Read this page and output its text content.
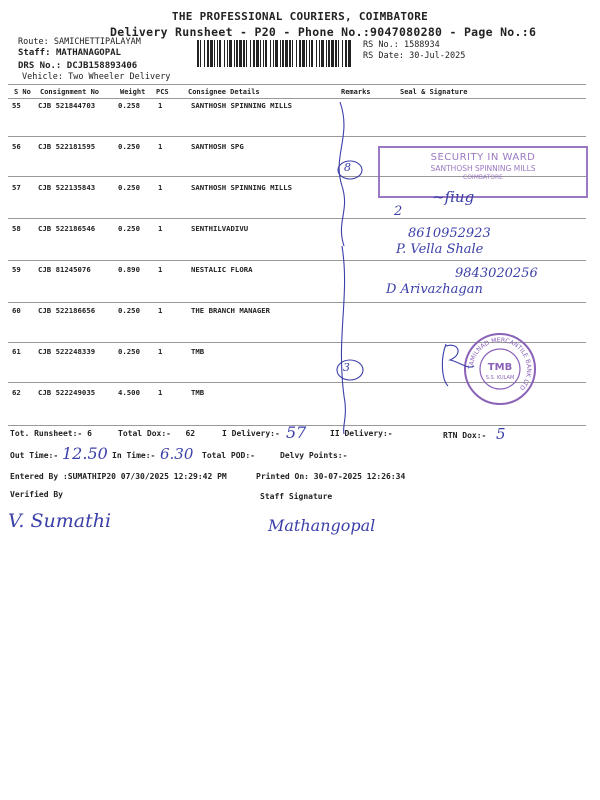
THE PROFESSIONAL COURIERS, COIMBATORE
Delivery Runsheet - P20 - Phone No.:9047080280 - Page No.:6
Route: SAMICHETTIPALAYAM
Staff: MATHANAGOPAL
DRS No.: DCJB158893406
Vehicle: Two Wheeler Delivery
RS No.: 1588934
RS Date: 30-Jul-2025
S No Consignment No	Weight PCS	Consignee Details	Remarks	Seal & Signature
55 CJB 521844703	0.258 1	SANTHOSH SPINNING MILLS
56 CJB 522181595	0.250 1	SANTHOSH SPG
57 CJB 522135843	0.250 1	SANTHOSH SPINNING MILLS
58 CJB 522186546	0.250 1	SENTHILVADIVU
59 CJB 81245076	0.890 1	NESTALIC FLORA
60 CJB 522186656	0.250 1	THE BRANCH MANAGER
61 CJB 522248339	0.250 1	TMB
62 CJB 522249035	4.500 1	TMB
8
3
SECURITY IN WARD
SANTHOSH SPINNING MILLS
COIMBATORE
~ſiug
2
8610952923
P. Vella Shale
9843020256
D Arivazhagan
TAMILNAD MERCANTILE BANK LTD
TMB
S.S. KULAM
Tot. Runsheet:- 6	Total Dox:- 62	I Delivery:- 57	II Delivery:-	RTN Dox:- 5
Out Time:- 12.50 In Time:- 6.30 Total POD:-	Delvy Points:-
Entered By :SUMATHIP20 07/30/2025 12:29:42 PM	Printed On: 30-07-2025 12:26:34
Verified By	Staff Signature
V. Sumathi	Mathangopal
